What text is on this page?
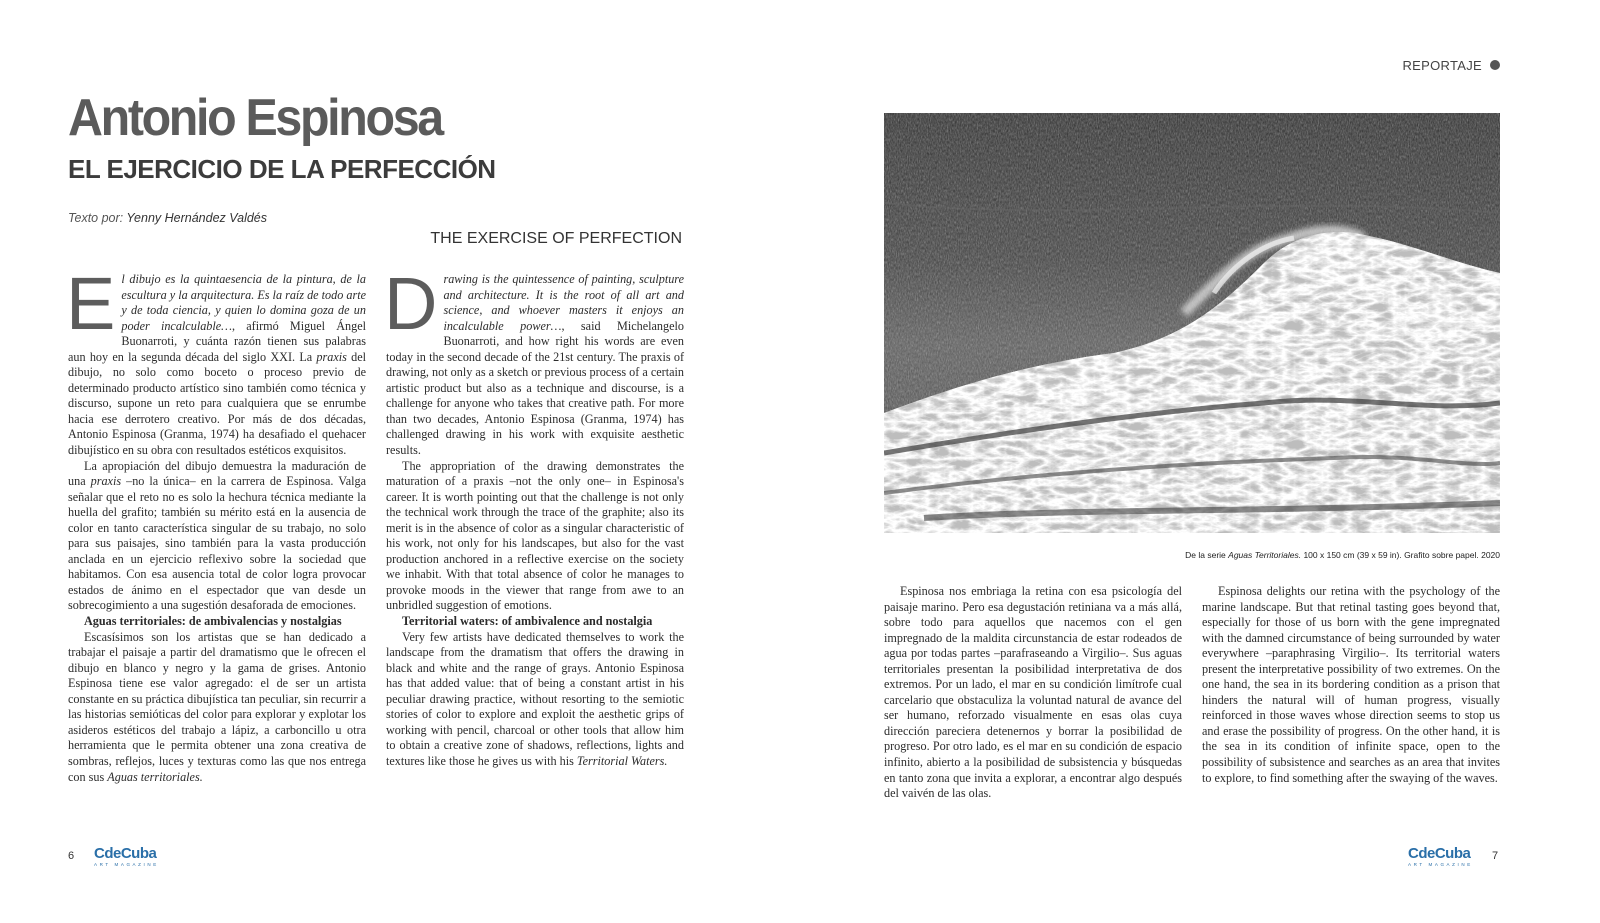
Antonio Espinosa
EL EJERCICIO DE LA PERFECCIÓN
Texto por: Yenny Hernández Valdés
THE EXERCISE OF PERFECTION

El dibujo es la quintaesencia de la pintura, de la escultura y la arquitectura. Es la raíz de todo arte y de toda ciencia, y quien lo domina goza de un poder incalculable…, afirmó Miguel Ángel Buonarroti, y cuánta razón tienen sus palabras aun hoy en la segunda década del siglo XXI. La praxis del dibujo, no solo como boceto o proceso previo de determinado producto artístico sino también como técnica y discurso, supone un reto para cualquiera que se enrumbe hacia ese derrotero creativo. Por más de dos décadas, Antonio Espinosa (Granma, 1974) ha desafiado el quehacer dibujístico en su obra con resultados estéticos exquisitos.

La apropiación del dibujo demuestra la maduración de una praxis –no la única– en la carrera de Espinosa. Valga señalar que el reto no es solo la hechura técnica mediante la huella del grafito; también su mérito está en la ausencia de color en tanto característica singular de su trabajo, no solo para sus paisajes, sino también para la vasta producción anclada en un ejercicio reflexivo sobre la sociedad que habitamos. Con esa ausencia total de color logra provocar estados de ánimo en el espectador que van desde un sobrecogimiento a una sugestión desaforada de emociones.

Aguas territoriales: de ambivalencias y nostalgias

Escasísimos son los artistas que se han dedicado a trabajar el paisaje a partir del dramatismo que le ofrecen el dibujo en blanco y negro y la gama de grises. Antonio Espinosa tiene ese valor agregado: el de ser un artista constante en su práctica dibujística tan peculiar, sin recurrir a las historias semióticas del color para explorar y explotar los asideros estéticos del trabajo a lápiz, a carboncillo u otra herramienta que le permita obtener una zona creativa de sombras, reflejos, luces y texturas como las que nos entrega con sus Aguas territoriales.

Drawing is the quintessence of painting, sculpture and architecture. It is the root of all art and science, and whoever masters it enjoys an incalculable power…, said Michelangelo Buonarroti, and how right his words are even today in the second decade of the 21st century. The praxis of drawing, not only as a sketch or previous process of a certain artistic product but also as a technique and discourse, is a challenge for anyone who takes that creative path. For more than two decades, Antonio Espinosa (Granma, 1974) has challenged drawing in his work with exquisite aesthetic results.

The appropriation of the drawing demonstrates the maturation of a praxis –not the only one– in Espinosa's career. It is worth pointing out that the challenge is not only the technical work through the trace of the graphite; also its merit is in the absence of color as a singular characteristic of his work, not only for his landscapes, but also for the vast production anchored in a reflective exercise on the society we inhabit. With that total absence of color he manages to provoke moods in the viewer that range from awe to an unbridled suggestion of emotions.

Territorial waters: of ambivalence and nostalgia

Very few artists have dedicated themselves to work the landscape from the dramatism that offers the drawing in black and white and the range of grays. Antonio Espinosa has that added value: that of being a constant artist in his peculiar drawing practice, without resorting to the semiotic stories of color to explore and exploit the aesthetic grips of working with pencil, charcoal or other tools that allow him to obtain a creative zone of shadows, reflections, lights and textures like those he gives us with his Territorial Waters.

6 CdeCuba
ART MAGAZINE
REPORTAJE
De la serie Aguas Territoriales. 100 x 150 cm (39 x 59 in). Grafito sobre papel. 2020

Espinosa nos embriaga la retina con esa psicología del paisaje marino. Pero esa degustación retiniana va a más allá, sobre todo para aquellos que nacemos con el gen impregnado de la maldita circunstancia de estar rodeados de agua por todas partes –parafraseando a Virgilio–. Sus aguas territoriales presentan la posibilidad interpretativa de dos extremos. Por un lado, el mar en su condición limítrofe cual carcelario que obstaculiza la voluntad natural de avance del ser humano, reforzado visualmente en esas olas cuya dirección pareciera detenernos y borrar la posibilidad de progreso. Por otro lado, es el mar en su condición de espacio infinito, abierto a la posibilidad de subsistencia y búsquedas en tanto zona que invita a explorar, a encontrar algo después del vaivén de las olas.

Espinosa delights our retina with the psychology of the marine landscape. But that retinal tasting goes beyond that, especially for those of us born with the gene impregnated with the damned circumstance of being surrounded by water everywhere –paraphrasing Virgilio–. Its territorial waters present the interpretative possibility of two extremes. On the one hand, the sea in its bordering condition as a prison that hinders the natural will of human progress, visually reinforced in those waves whose direction seems to stop us and erase the possibility of progress. On the other hand, it is the sea in its condition of infinite space, open to the possibility of subsistence and searches as an area that invites to explore, to find something after the swaying of the waves.

CdeCuba
ART MAGAZINE
7
